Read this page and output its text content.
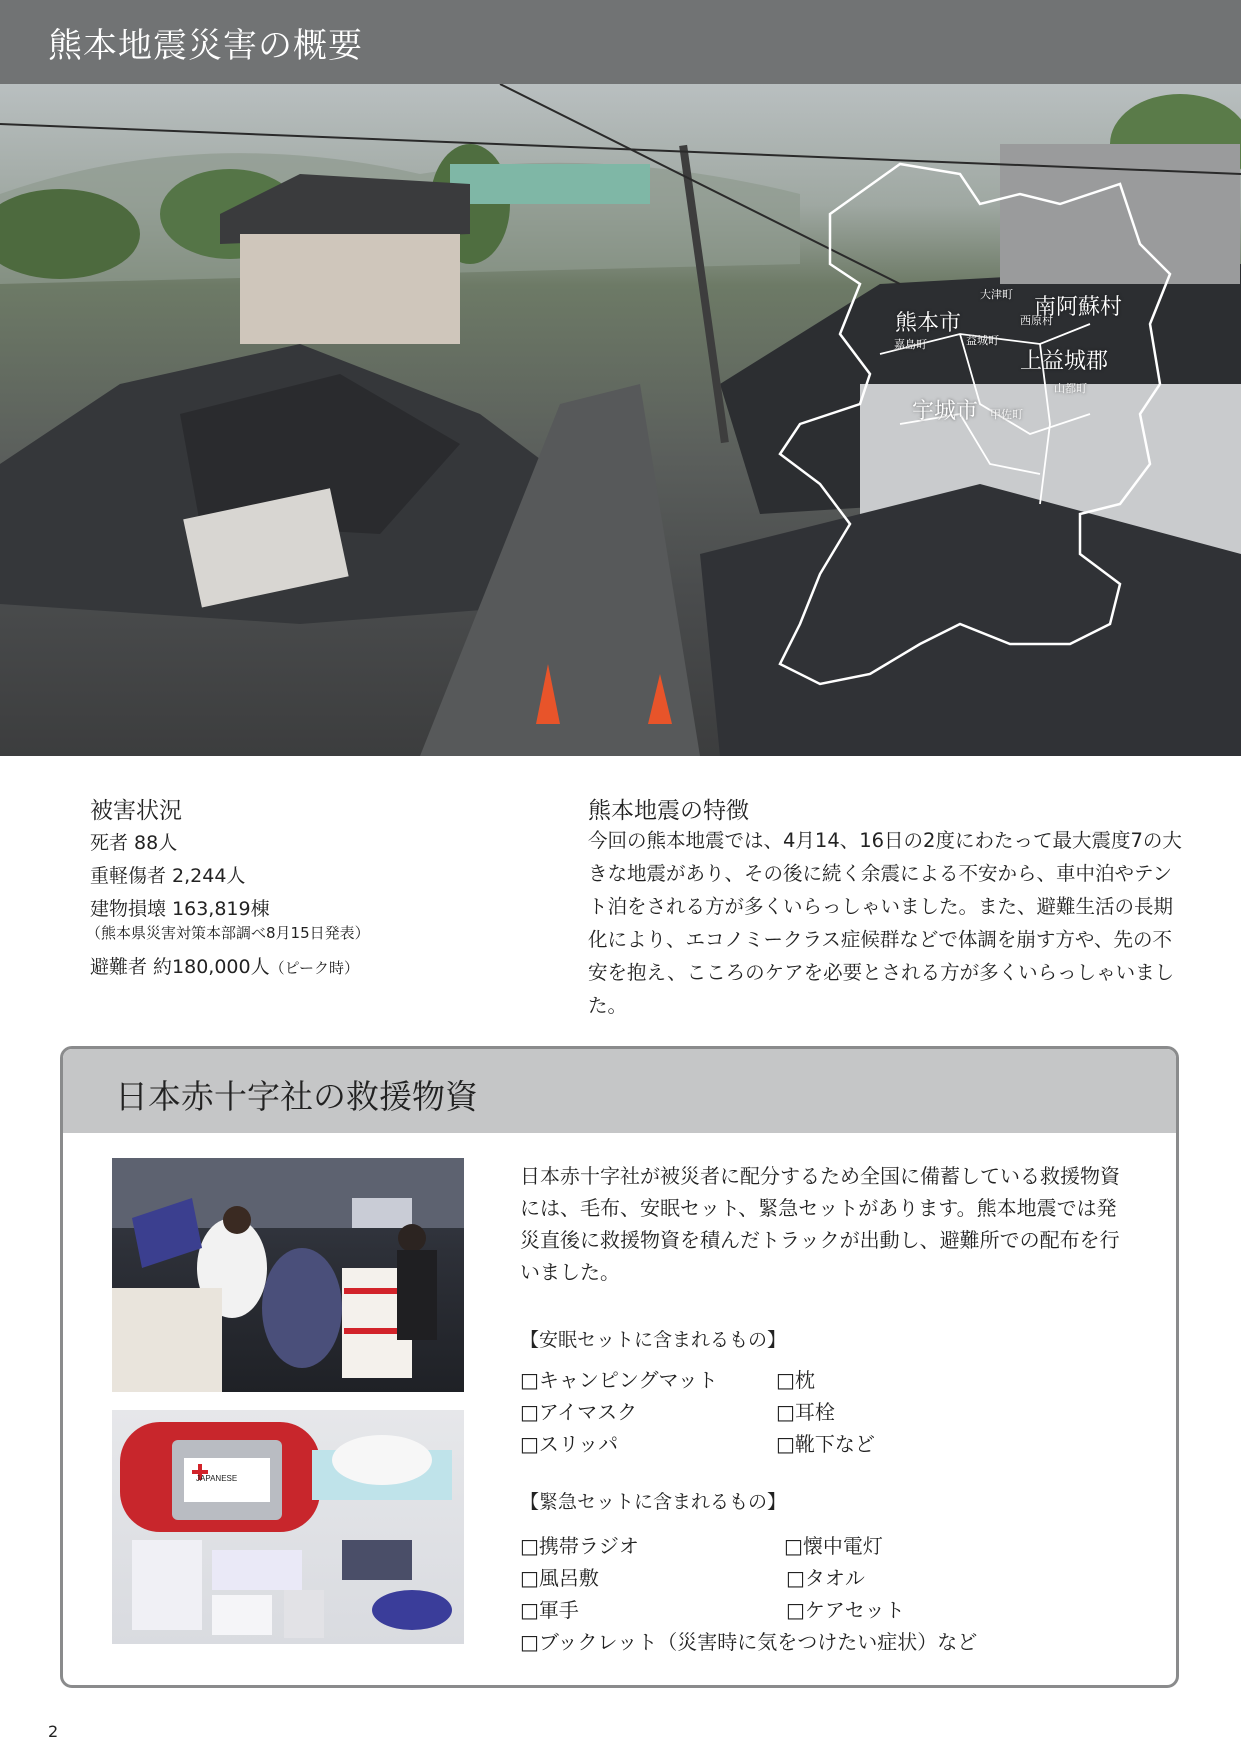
熊本地震災害の概要
熊本市
南阿蘇村
上益城郡
宇城市
益城町
嘉島町
甲佐町
山都町
西原村
大津町
被害状況
死者 88人
重軽傷者 2,244人
建物損壊 163,819棟
（熊本県災害対策本部調べ8月15日発表）
避難者 約180,000人（ピーク時）
熊本地震の特徴
今回の熊本地震では、4月14、16日の2度にわたって最大震度7の大きな地震があり、その後に続く余震による不安から、車中泊やテント泊をされる方が多くいらっしゃいました。また、避難生活の長期化により、エコノミークラス症候群などで体調を崩す方や、先の不安を抱え、こころのケアを必要とされる方が多くいらっしゃいました。
日本赤十字社の救援物資
JAPANESE
日本赤十字社が被災者に配分するため全国に備蓄している救援物資には、毛布、安眠セット、緊急セットがあります。熊本地震では発災直後に救援物資を積んだトラックが出動し、避難所での配布を行いました。
【安眠セットに含まれるもの】
□キャンピングマット	□枕
□アイマスク	□耳栓
□スリッパ	□靴下など
【緊急セットに含まれるもの】
□携帯ラジオ	□懐中電灯
□風呂敷	□タオル
□軍手	□ケアセット
□ブックレット（災害時に気をつけたい症状）など
2
